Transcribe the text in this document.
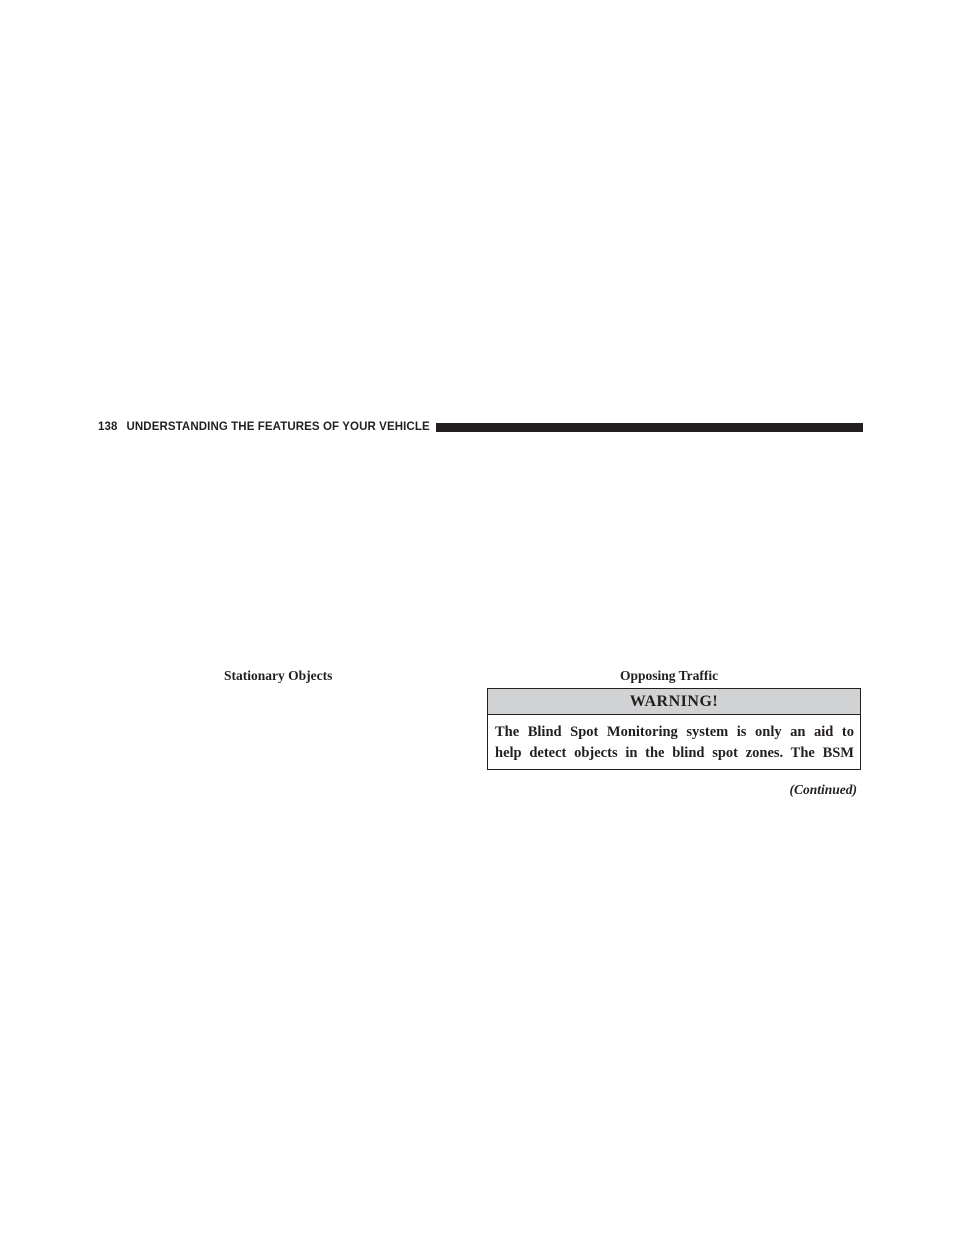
138 UNDERSTANDING THE FEATURES OF YOUR VEHICLE
Stationary Objects	Opposing Traffic
WARNING!
The Blind Spot Monitoring system is only an aid to
help detect objects in the blind spot zones. The BSM
(Continued)
